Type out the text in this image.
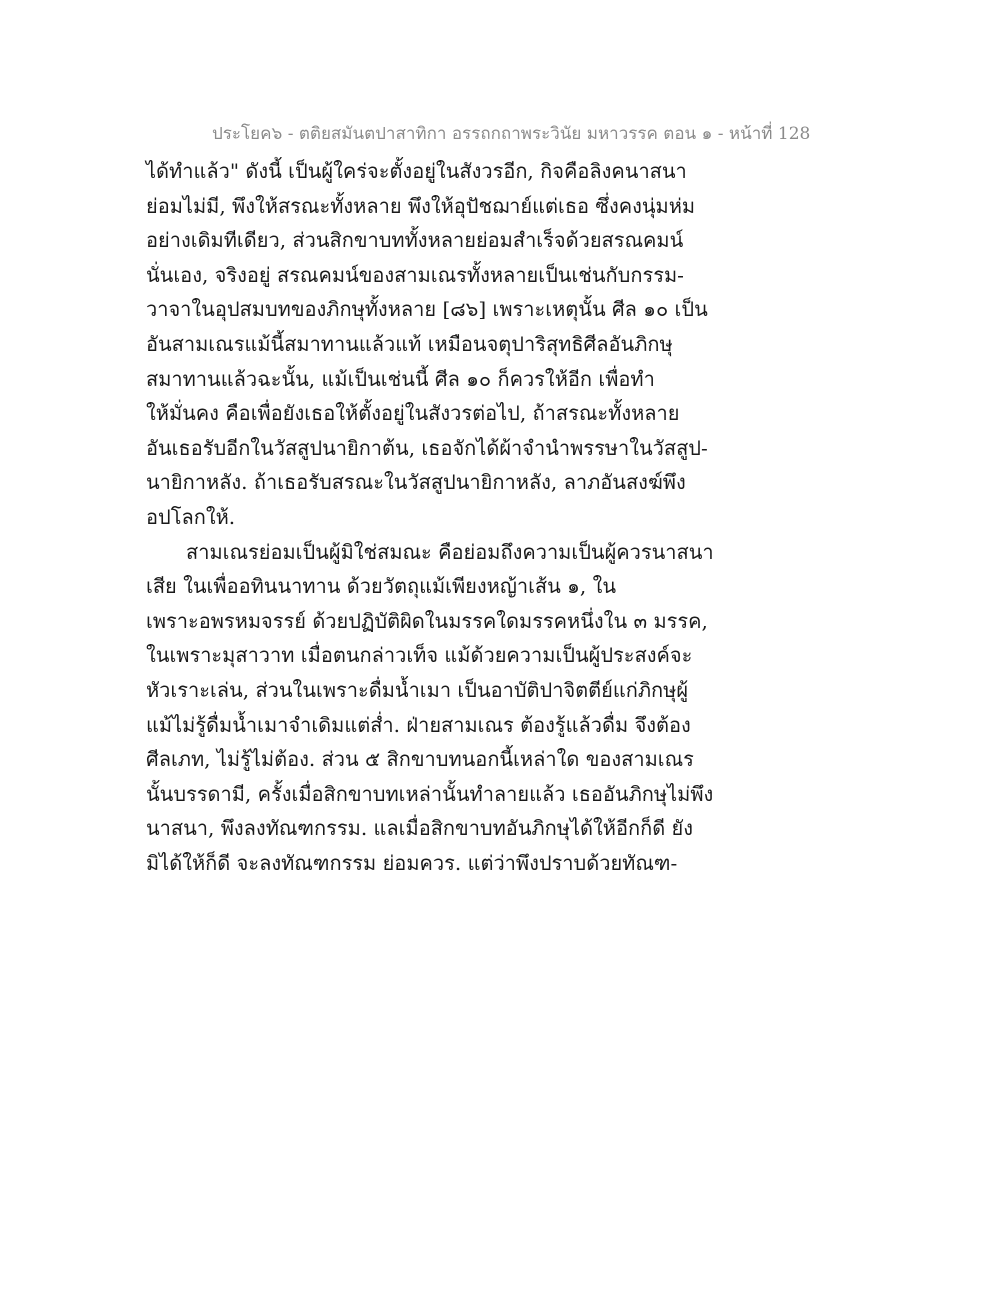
ประโยค๖ - ตติยสมันตปาสาทิกา อรรถกถาพระวินัย มหาวรรค ตอน ๑ - หน้าที่ 128
ได้ทำแล้ว" ดังนี้ เป็นผู้ใคร่จะตั้งอยู่ในสังวรอีก, กิจคือลิงคนาสนา
ย่อมไม่มี, พึงให้สรณะทั้งหลาย พึงให้อุปัชฌาย์แต่เธอ ซึ่งคงนุ่มห่ม
อย่างเดิมทีเดียว, ส่วนสิกขาบททั้งหลายย่อมสำเร็จด้วยสรณคมน์
นั่นเอง, จริงอยู่ สรณคมน์ของสามเณรทั้งหลายเป็นเช่นกับกรรม-
วาจาในอุปสมบทของภิกษุทั้งหลาย [๘๖] เพราะเหตุนั้น ศีล ๑๐ เป็น
อันสามเณรแม้นี้สมาทานแล้วแท้ เหมือนจตุปาริสุทธิศีลอันภิกษุ
สมาทานแล้วฉะนั้น, แม้เป็นเช่นนี้ ศีล ๑๐ ก็ควรให้อีก เพื่อทำ
ให้มั่นคง คือเพื่อยังเธอให้ตั้งอยู่ในสังวรต่อไป, ถ้าสรณะทั้งหลาย
อันเธอรับอีกในวัสสูปนายิกาต้น, เธอจักได้ผ้าจำนำพรรษาในวัสสูป-
นายิกาหลัง. ถ้าเธอรับสรณะในวัสสูปนายิกาหลัง, ลาภอันสงฆ์พึง
อปโลกให้.
สามเณรย่อมเป็นผู้มิใช่สมณะ คือย่อมถึงความเป็นผู้ควรนาสนา
เสีย ในเพื่ออทินนาทาน ด้วยวัตถุแม้เพียงหญ้าเส้น ๑, ใน
เพราะอพรหมจรรย์ ด้วยปฏิบัติผิดในมรรคใดมรรคหนึ่งใน ๓ มรรค,
ในเพราะมุสาวาท เมื่อตนกล่าวเท็จ แม้ด้วยความเป็นผู้ประสงค์จะ
หัวเราะเล่น, ส่วนในเพราะดื่มน้ำเมา เป็นอาบัติปาจิตตีย์แก่ภิกษุผู้
แม้ไม่รู้ดื่มน้ำเมาจำเดิมแต่ส่ำ. ฝ่ายสามเณร ต้องรู้แล้วดื่ม จึงต้อง
ศีลเภท, ไม่รู้ไม่ต้อง. ส่วน ๕ สิกขาบทนอกนี้เหล่าใด ของสามเณร
นั้นบรรดามี, ครั้งเมื่อสิกขาบทเหล่านั้นทำลายแล้ว เธออันภิกษุไม่พึง
นาสนา, พึงลงทัณฑกรรม. แลเมื่อสิกขาบทอันภิกษุได้ให้อีกก็ดี ยัง
มิได้ให้ก็ดี จะลงทัณฑกรรม ย่อมควร. แต่ว่าพึงปราบด้วยทัณฑ-
